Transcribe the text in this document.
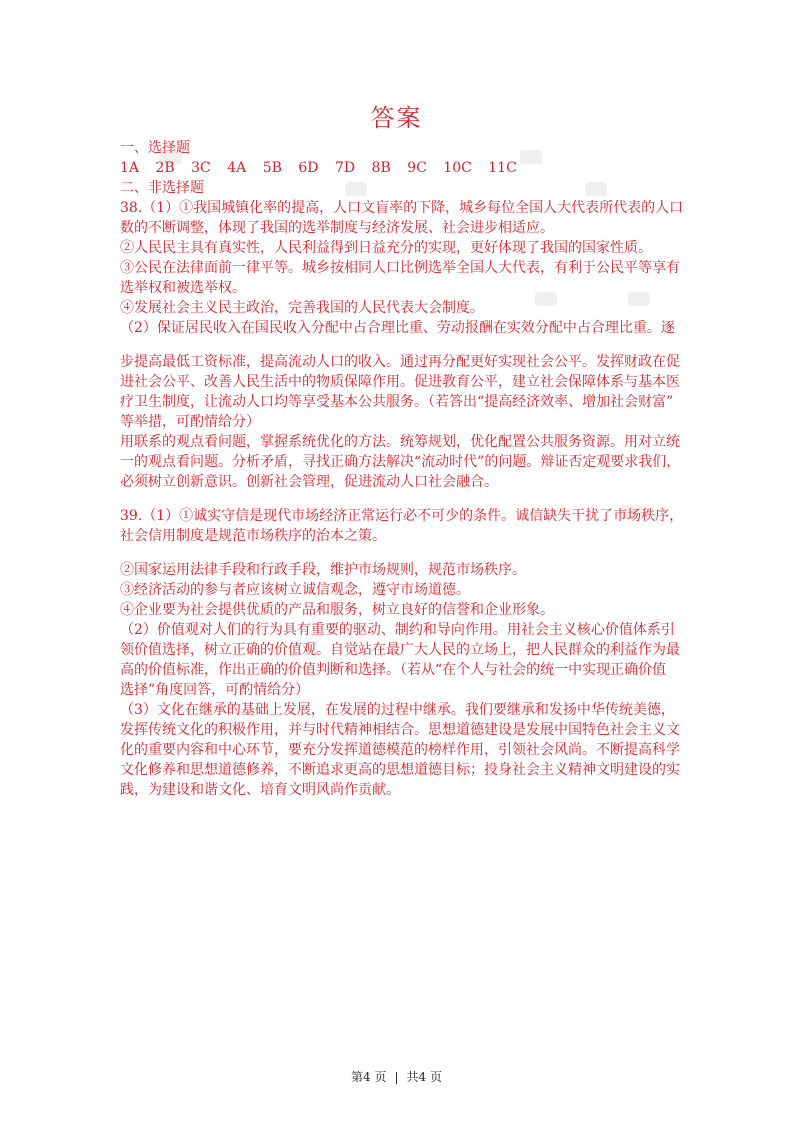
答案

一、选择题

1A 2B 3C 4A 5B 6D 7D 8B 9C 10C 11C

二、非选择题

38.（1）①我国城镇化率的提高，人口文盲率的下降，城乡每位全国人大代表所代表的人口

数的不断调整，体现了我国的选举制度与经济发展、社会进步相适应。

②人民民主具有真实性，人民利益得到日益充分的实现，更好体现了我国的国家性质。

③公民在法律面前一律平等。城乡按相同人口比例选举全国人大代表，有利于公民平等享有

选举权和被选举权。

④发展社会主义民主政治，完善我国的人民代表大会制度。

（2）保证居民收入在国民收入分配中占合理比重、劳动报酬在实效分配中占合理比重。逐

步提高最低工资标准，提高流动人口的收入。通过再分配更好实现社会公平。发挥财政在促

进社会公平、改善人民生活中的物质保障作用。促进教育公平，建立社会保障体系与基本医

疗卫生制度，让流动人口均等享受基本公共服务。（若答出“提高经济效率、增加社会财富”

等举措，可酌情给分）

用联系的观点看问题，掌握系统优化的方法。统筹规划，优化配置公共服务资源。用对立统

一的观点看问题。分析矛盾，寻找正确方法解决“流动时代”的问题。辩证否定观要求我们，

必须树立创新意识。创新社会管理，促进流动人口社会融合。

39.（1）①诚实守信是现代市场经济正常运行必不可少的条件。诚信缺失干扰了市场秩序，

社会信用制度是规范市场秩序的治本之策。

②国家运用法律手段和行政手段，维护市场规则，规范市场秩序。

③经济活动的参与者应该树立诚信观念，遵守市场道德。

④企业要为社会提供优质的产品和服务，树立良好的信誉和企业形象。

（2）价值观对人们的行为具有重要的驱动、制约和导向作用。用社会主义核心价值体系引

领价值选择，树立正确的价值观。自觉站在最广大人民的立场上，把人民群众的利益作为最

高的价值标准，作出正确的价值判断和选择。（若从“在个人与社会的统一中实现正确价值

选择”角度回答，可酌情给分）

（3）文化在继承的基础上发展，在发展的过程中继承。我们要继承和发扬中华传统美德，

发挥传统文化的积极作用，并与时代精神相结合。思想道德建设是发展中国特色社会主义文

化的重要内容和中心环节，要充分发挥道德模范的榜样作用，引领社会风尚。不断提高科学

文化修养和思想道德修养，不断追求更高的思想道德目标；投身社会主义精神文明建设的实

践，为建设和谐文化、培育文明风尚作贡献。

第4 页 | 共4 页
